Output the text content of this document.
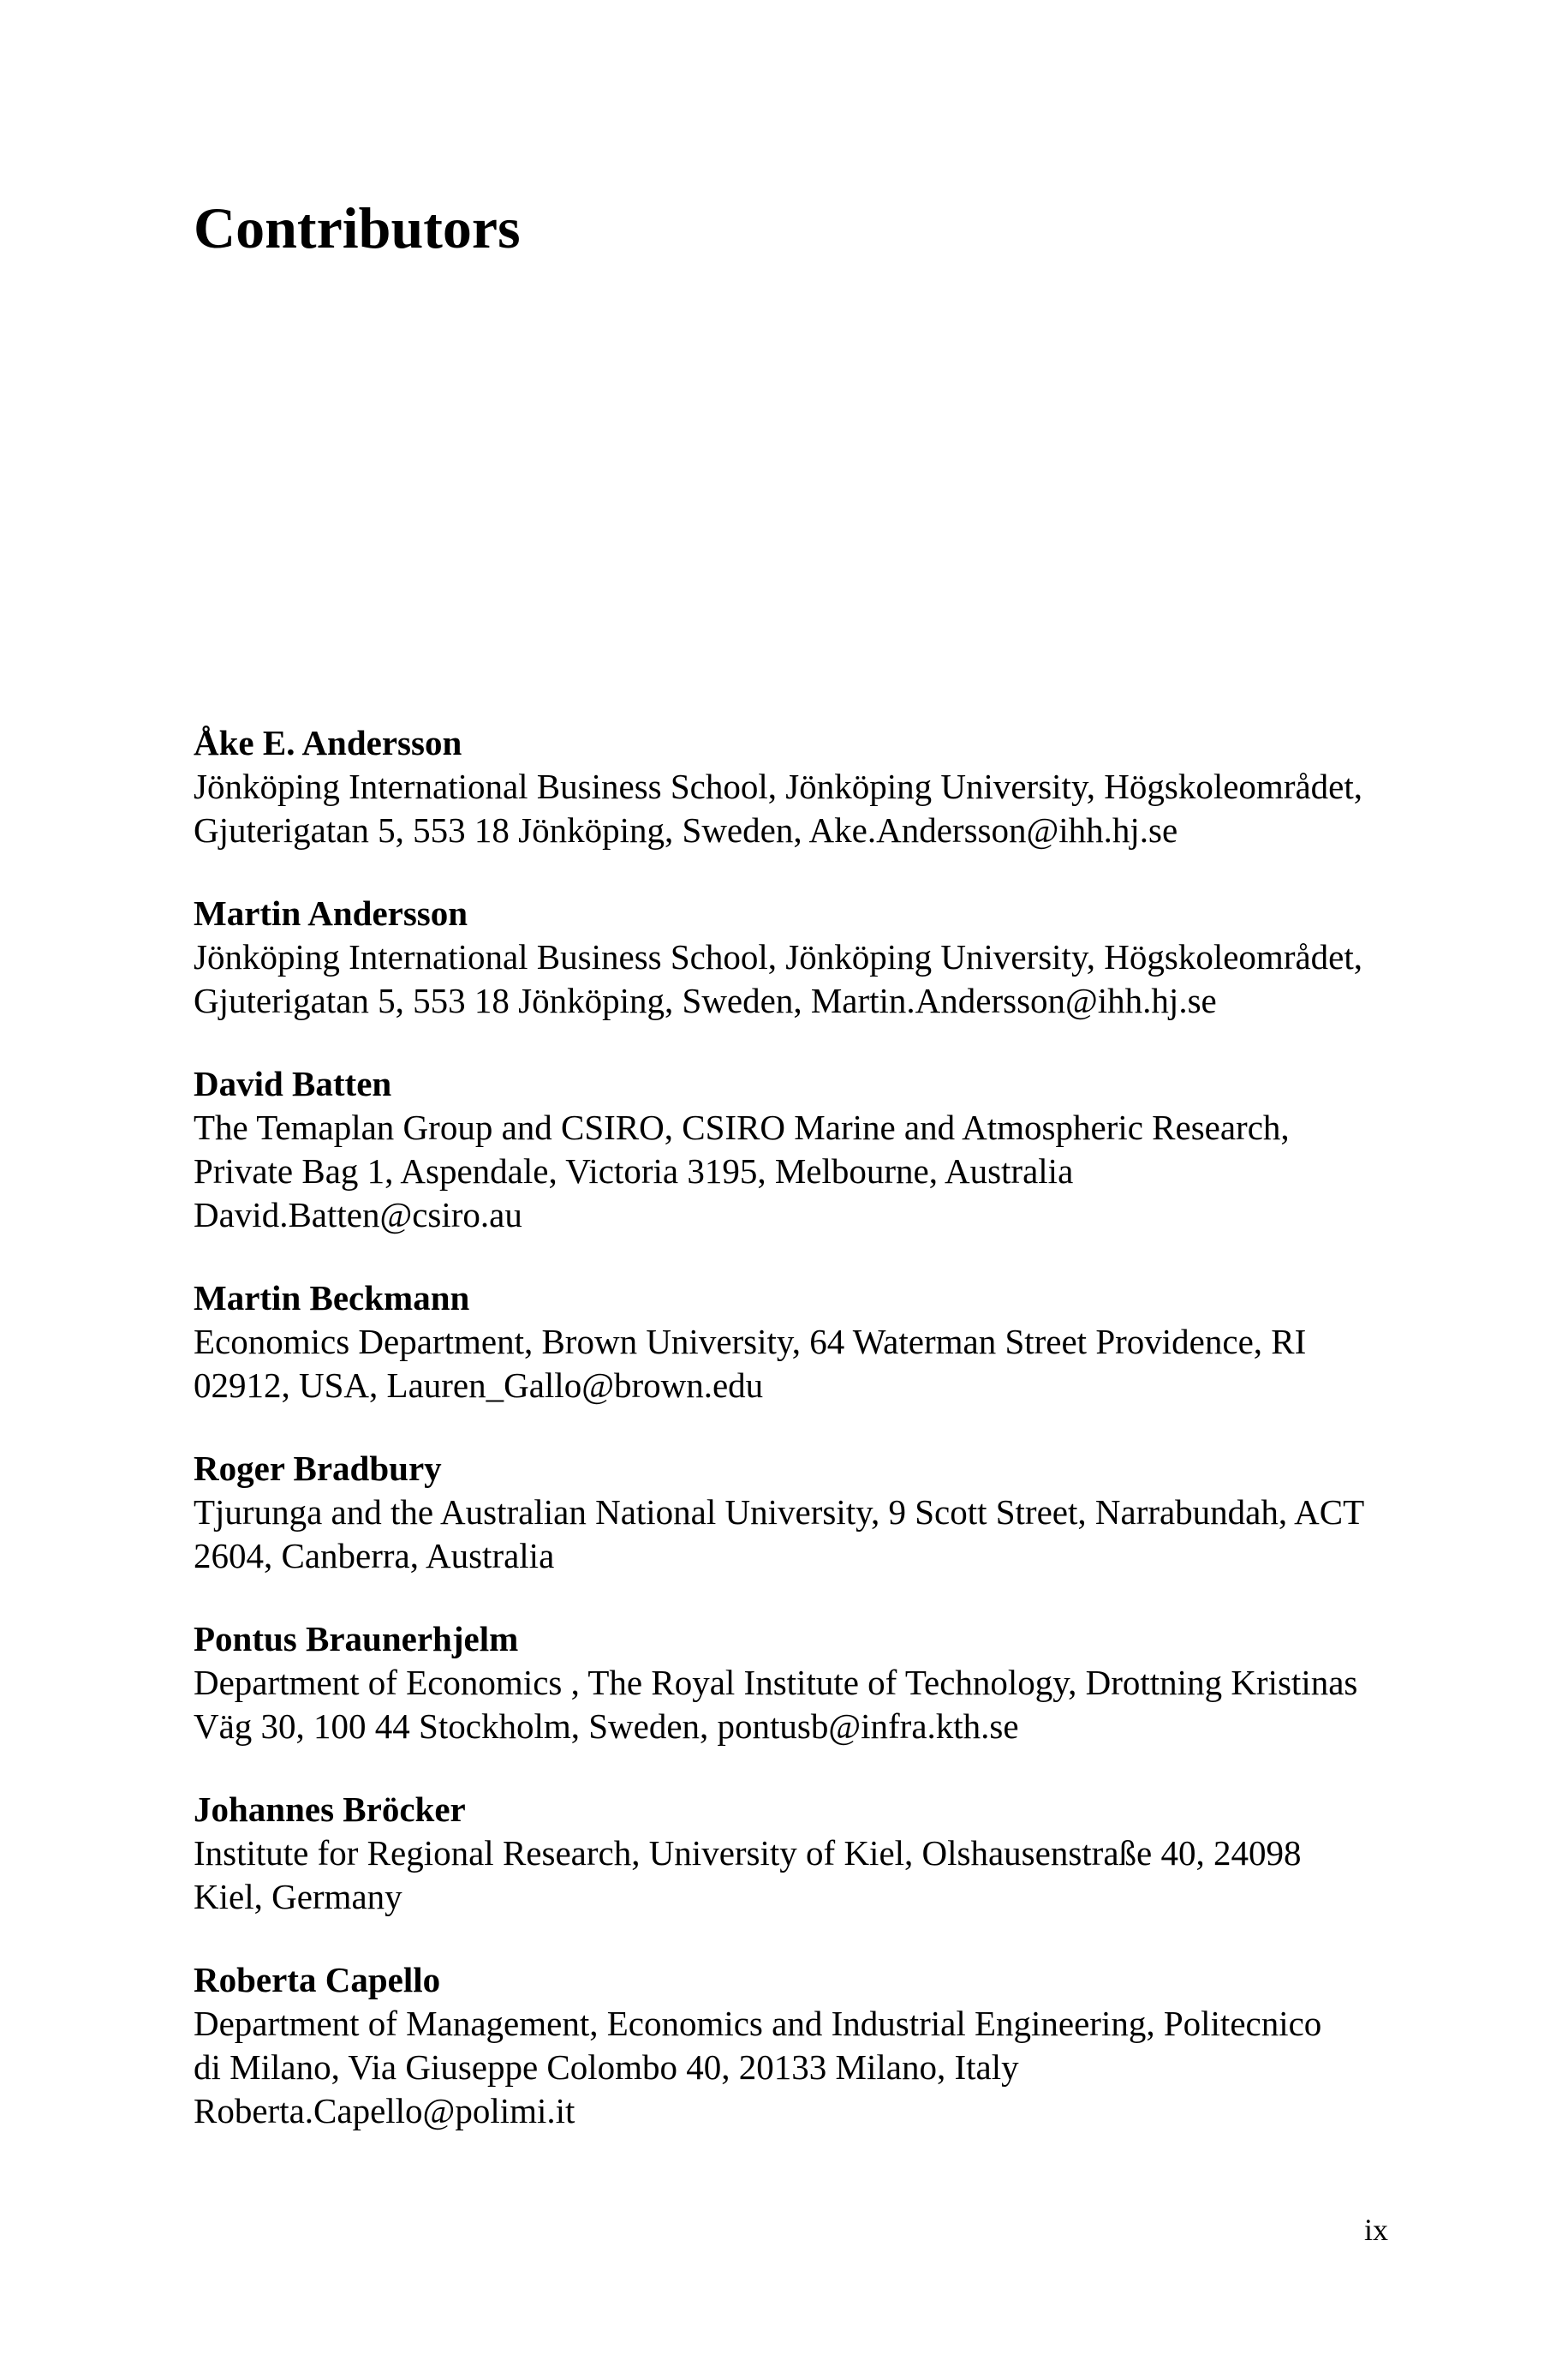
Contributors
Åke E. Andersson
Jönköping International Business School, Jönköping University, Högskoleområdet,
Gjuterigatan 5, 553 18 Jönköping, Sweden, Ake.Andersson@ihh.hj.se
Martin Andersson
Jönköping International Business School, Jönköping University, Högskoleområdet,
Gjuterigatan 5, 553 18 Jönköping, Sweden, Martin.Andersson@ihh.hj.se
David Batten
The Temaplan Group and CSIRO, CSIRO Marine and Atmospheric Research,
Private Bag 1, Aspendale, Victoria 3195, Melbourne, Australia
David.Batten@csiro.au
Martin Beckmann
Economics Department, Brown University, 64 Waterman Street Providence, RI
02912, USA, Lauren_Gallo@brown.edu
Roger Bradbury
Tjurunga and the Australian National University, 9 Scott Street, Narrabundah, ACT
2604, Canberra, Australia
Pontus Braunerhjelm
Department of Economics , The Royal Institute of Technology, Drottning Kristinas
Väg 30, 100 44 Stockholm, Sweden, pontusb@infra.kth.se
Johannes Bröcker
Institute for Regional Research, University of Kiel, Olshausenstraße 40, 24098
Kiel, Germany
Roberta Capello
Department of Management, Economics and Industrial Engineering, Politecnico
di Milano, Via Giuseppe Colombo 40, 20133 Milano, Italy
Roberta.Capello@polimi.it
ix
